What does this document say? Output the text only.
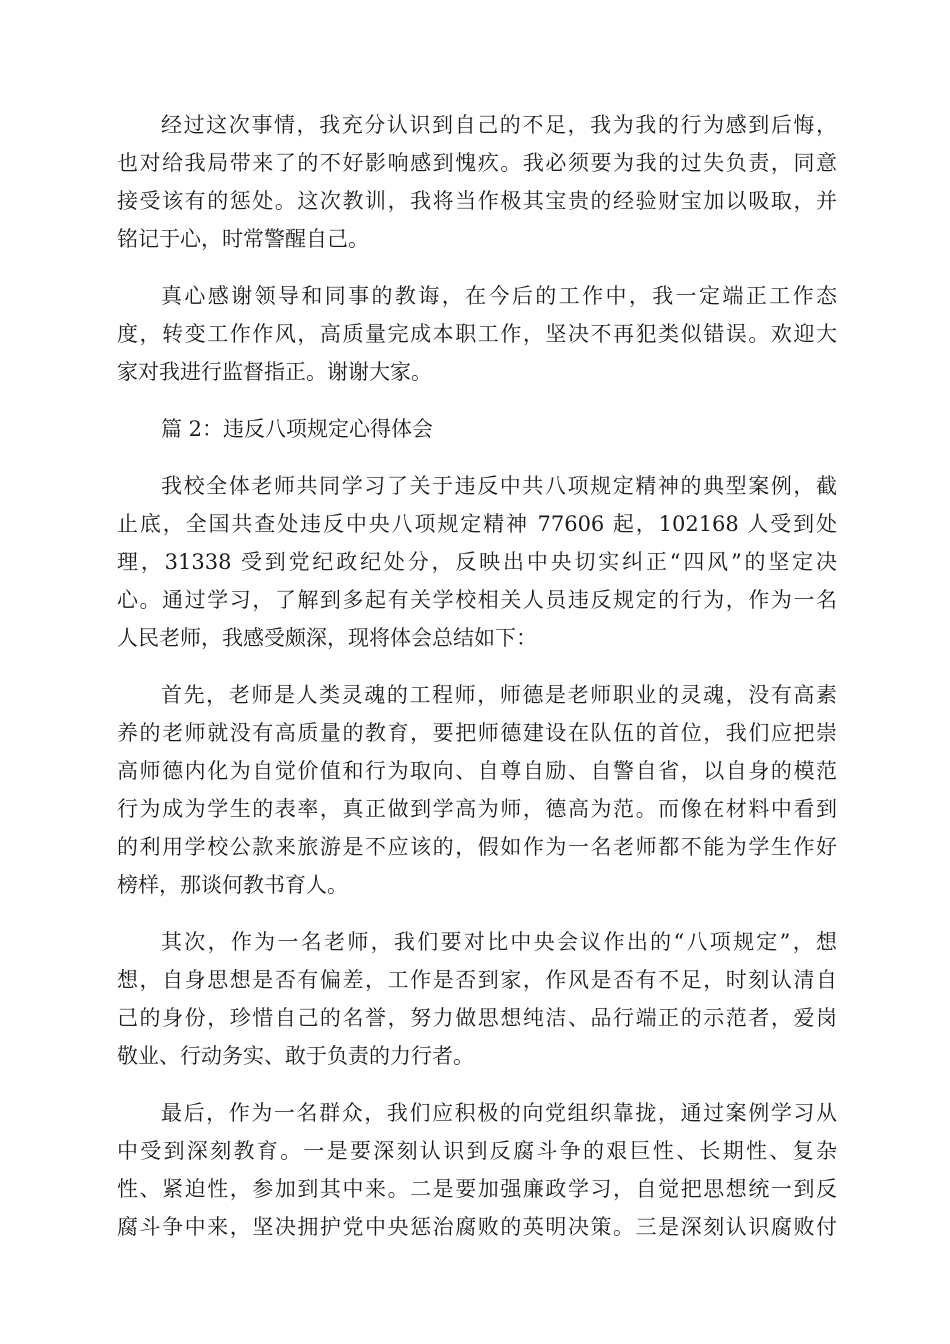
经过这次事情，我充分认识到自己的不足，我为我的行为感到后悔，
也对给我局带来了的不好影响感到愧疚。我必须要为我的过失负责，同意
接受该有的惩处。这次教训，我将当作极其宝贵的经验财宝加以吸取，并
铭记于心，时常警醒自己。
真心感谢领导和同事的教诲，在今后的工作中，我一定端正工作态
度，转变工作作风，高质量完成本职工作，坚决不再犯类似错误。欢迎大
家对我进行监督指正。谢谢大家。
篇 2：违反八项规定心得体会
我校全体老师共同学习了关于违反中共八项规定精神的典型案例，截
止底，全国共查处违反中央八项规定精神 77606 起，102168 人受到处
理，31338 受到党纪政纪处分，反映出中央切实纠正“四风”的坚定决
心。通过学习，了解到多起有关学校相关人员违反规定的行为，作为一名
人民老师，我感受颇深，现将体会总结如下：
首先，老师是人类灵魂的工程师，师德是老师职业的灵魂，没有高素
养的老师就没有高质量的教育，要把师德建设在队伍的首位，我们应把崇
高师德内化为自觉价值和行为取向、自尊自励、自警自省，以自身的模范
行为成为学生的表率，真正做到学高为师，德高为范。而像在材料中看到
的利用学校公款来旅游是不应该的，假如作为一名老师都不能为学生作好
榜样，那谈何教书育人。
其次，作为一名老师，我们要对比中央会议作出的“八项规定”，想
想，自身思想是否有偏差，工作是否到家，作风是否有不足，时刻认清自
己的身份，珍惜自己的名誉，努力做思想纯洁、品行端正的示范者，爱岗
敬业、行动务实、敢于负责的力行者。
最后，作为一名群众，我们应积极的向党组织靠拢，通过案例学习从
中受到深刻教育。一是要深刻认识到反腐斗争的艰巨性、长期性、复杂
性、紧迫性，参加到其中来。二是要加强廉政学习，自觉把思想统一到反
腐斗争中来，坚决拥护党中央惩治腐败的英明决策。三是深刻认识腐败付
